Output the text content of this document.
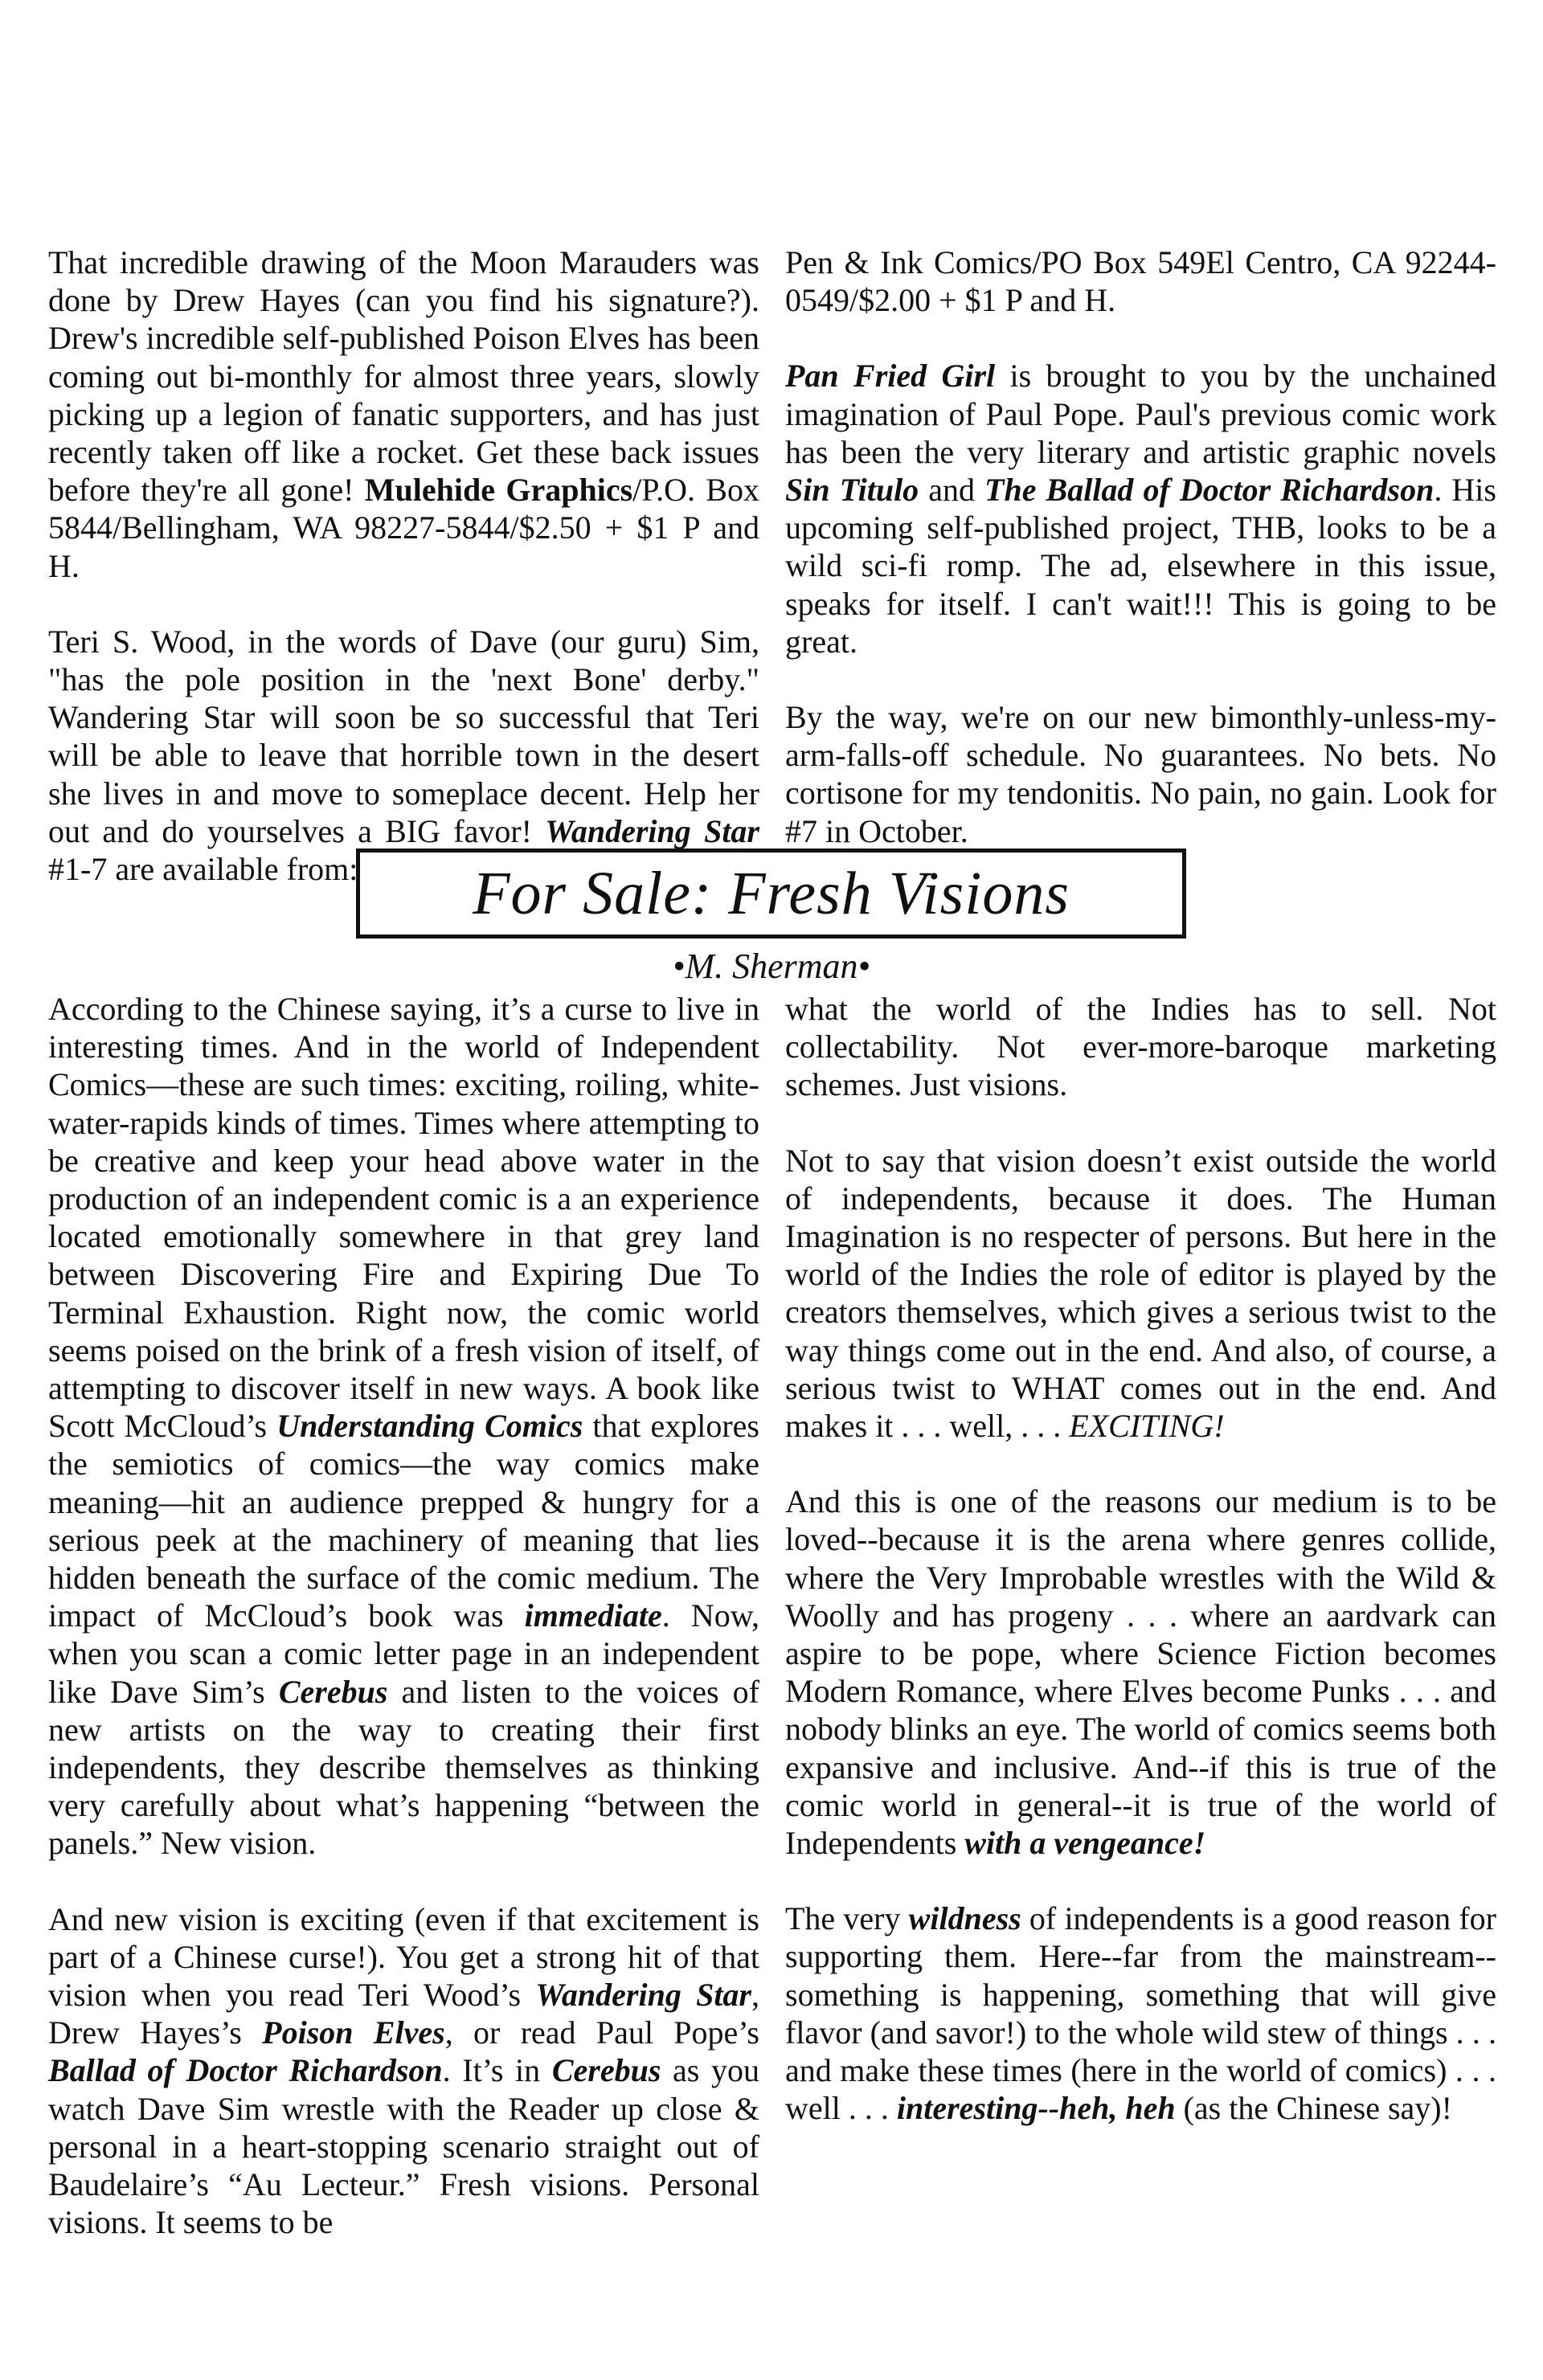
That incredible drawing of the Moon Marauders was done by Drew Hayes (can you find his signature?). Drew's incredible self-published Poison Elves has been coming out bi-monthly for almost three years, slowly picking up a legion of fanatic supporters, and has just recently taken off like a rocket. Get these back issues before they're all gone! Mulehide Graphics/P.O. Box 5844/Bellingham, WA 98227-5844/$2.50 + $1 P and H.

Teri S. Wood, in the words of Dave (our guru) Sim, "has the pole position in the 'next Bone' derby." Wandering Star will soon be so successful that Teri will be able to leave that horrible town in the desert she lives in and move to someplace decent. Help her out and do yourselves a BIG favor! Wandering Star #1-7 are available from:

Pen & Ink Comics/PO Box 549El Centro, CA 92244-0549/$2.00 + $1 P and H.

Pan Fried Girl is brought to you by the unchained imagination of Paul Pope. Paul's previous comic work has been the very literary and artistic graphic novels Sin Titulo and The Ballad of Doctor Richardson. His upcoming self-published project, THB, looks to be a wild sci-fi romp. The ad, elsewhere in this issue, speaks for itself. I can't wait!!! This is going to be great.

By the way, we're on our new bimonthly-unless-my-arm-falls-off schedule. No guarantees. No bets. No cortisone for my tendonitis. No pain, no gain. Look for #7 in October.

For Sale: Fresh Visions
•M. Sherman•

According to the Chinese saying, it’s a curse to live in interesting times. And in the world of Independent Comics—these are such times: exciting, roiling, white-water-rapids kinds of times. Times where attempting to be creative and keep your head above water in the production of an independent comic is a an experience located emotionally somewhere in that grey land between Discovering Fire and Expiring Due To Terminal Exhaustion. Right now, the comic world seems poised on the brink of a fresh vision of itself, of attempting to discover itself in new ways. A book like Scott McCloud’s Understanding Comics that explores the semiotics of comics—the way comics make meaning—hit an audience prepped & hungry for a serious peek at the machinery of meaning that lies hidden beneath the surface of the comic medium. The impact of McCloud’s book was immediate. Now, when you scan a comic letter page in an independent like Dave Sim’s Cerebus and listen to the voices of new artists on the way to creating their first independents, they describe themselves as thinking very carefully about what’s happening “between the panels.” New vision.

And new vision is exciting (even if that excitement is part of a Chinese curse!). You get a strong hit of that vision when you read Teri Wood’s Wandering Star, Drew Hayes’s Poison Elves, or read Paul Pope’s Ballad of Doctor Richardson. It’s in Cerebus as you watch Dave Sim wrestle with the Reader up close & personal in a heart-stopping scenario straight out of Baudelaire’s “Au Lecteur.” Fresh visions. Personal visions. It seems to be

what the world of the Indies has to sell. Not collectability. Not ever-more-baroque marketing schemes. Just visions.

Not to say that vision doesn’t exist outside the world of independents, because it does. The Human Imagination is no respecter of persons. But here in the world of the Indies the role of editor is played by the creators themselves, which gives a serious twist to the way things come out in the end. And also, of course, a serious twist to WHAT comes out in the end. And makes it . . . well, . . . EXCITING!

And this is one of the reasons our medium is to be loved--because it is the arena where genres collide, where the Very Improbable wrestles with the Wild & Woolly and has progeny . . . where an aardvark can aspire to be pope, where Science Fiction becomes Modern Romance, where Elves become Punks . . . and nobody blinks an eye. The world of comics seems both expansive and inclusive. And--if this is true of the comic world in general--it is true of the world of Independents with a vengeance!

The very wildness of independents is a good reason for supporting them. Here--far from the mainstream--something is happening, something that will give flavor (and savor!) to the whole wild stew of things . . . and make these times (here in the world of comics) . . . well . . . interesting--heh, heh (as the Chinese say)!
